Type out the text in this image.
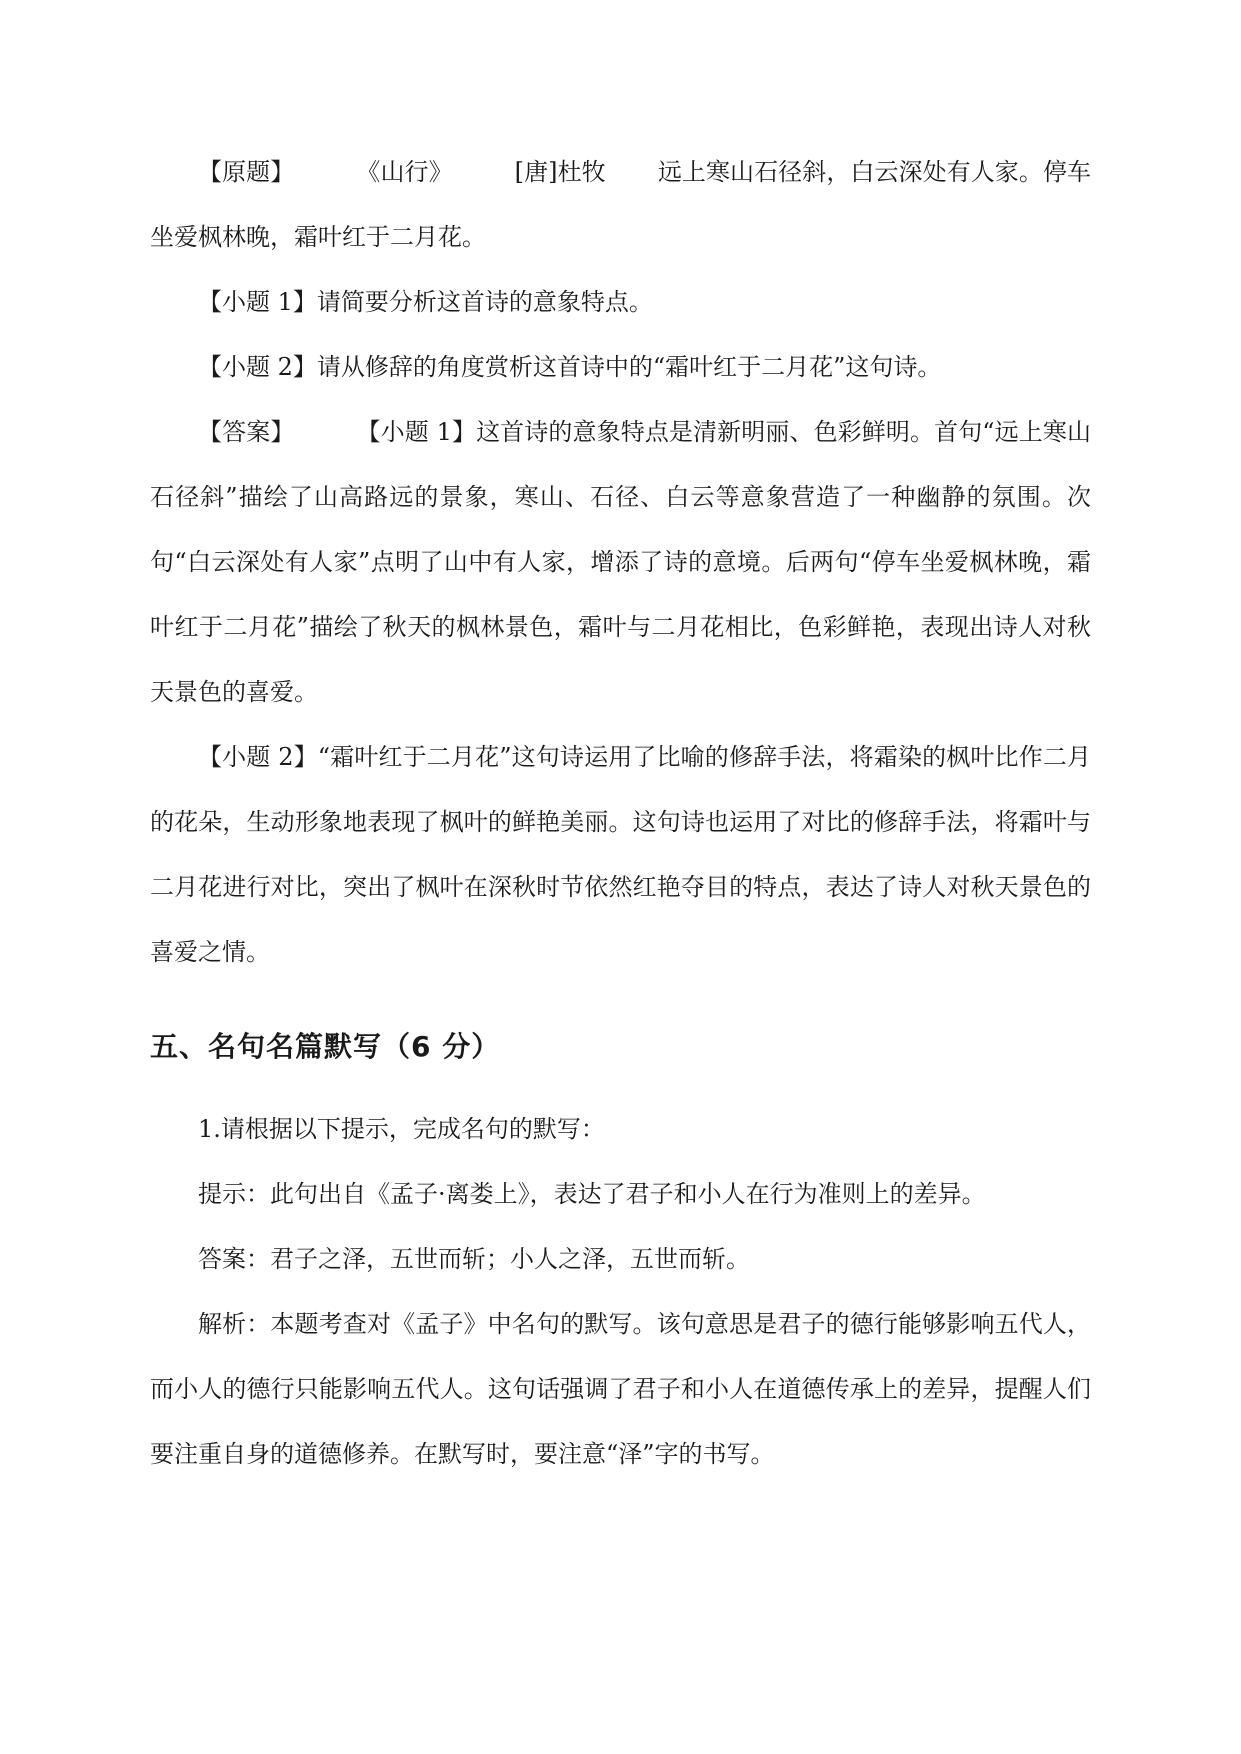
【原题】	《山行》	[唐]杜牧 远上寒山石径斜，白云深处有人家。停车坐爱枫林晚，霜叶红于二月花。

【小题 1】请简要分析这首诗的意象特点。

【小题 2】请从修辞的角度赏析这首诗中的“霜叶红于二月花”这句诗。

【答案】	【小题 1】这首诗的意象特点是清新明丽、色彩鲜明。首句“远上寒山石径斜”描绘了山高路远的景象，寒山、石径、白云等意象营造了一种幽静的氛围。次句“白云深处有人家”点明了山中有人家，增添了诗的意境。后两句“停车坐爱枫林晚，霜叶红于二月花”描绘了秋天的枫林景色，霜叶与二月花相比，色彩鲜艳，表现出诗人对秋天景色的喜爱。

【小题 2】“霜叶红于二月花”这句诗运用了比喻的修辞手法，将霜染的枫叶比作二月的花朵，生动形象地表现了枫叶的鲜艳美丽。这句诗也运用了对比的修辞手法，将霜叶与二月花进行对比，突出了枫叶在深秋时节依然红艳夺目的特点，表达了诗人对秋天景色的喜爱之情。

五、名句名篇默写（6 分）

1.请根据以下提示，完成名句的默写：

提示：此句出自《孟子·离娄上》，表达了君子和小人在行为准则上的差异。

答案：君子之泽，五世而斩；小人之泽，五世而斩。

解析：本题考查对《孟子》中名句的默写。该句意思是君子的德行能够影响五代人，而小人的德行只能影响五代人。这句话强调了君子和小人在道德传承上的差异，提醒人们要注重自身的道德修养。在默写时，要注意“泽”字的书写。
